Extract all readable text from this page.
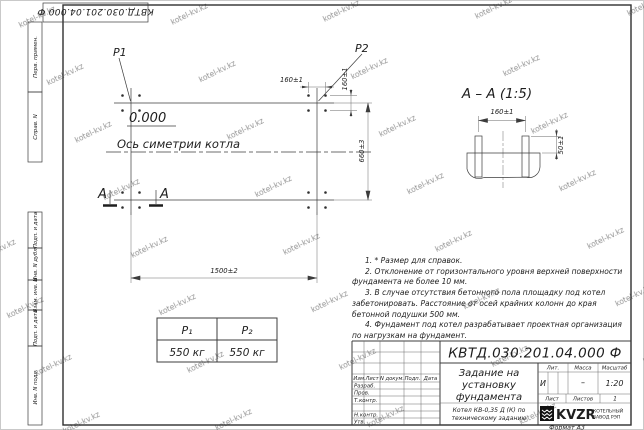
Перв. примен.
Справ. N
Подп. и дата
Инв. N дубл.
Взам. инв. N
Подп. и дата
Инв. N подл.
КВТД.030.201.04.000 Ф
P1	P2
160±1	160±1
660±3
1500±2
0.000
Ось симетрии котла
А	А
А – А (1:5)
160±1
50±1
P₁	P₂
550 кг 550 кг
Изм.Лист N докум. Подп. Дата
Разраб.
Пров.
Т.контр.
Н.контр.
Утв.
КВТД.030.201.04.000 Ф
Задание на
установку
фундамента
Котел КВ-0,35 Д (К) по
техническому заданию
Лит.	Масса Масштаб
И	–	1:20
Лист	Листов	1
KVZR
КОТЕЛЬНЫЙ
ЗАВОД РЭП
Формат А3

1. * Размер для справок.

2. Отклонение от горизонтального уровня верхней поверхности фундамента не более 10 мм.

3. В случае отсутствия бетонного пола площадку под котел забетонировать. Расстояние от осей крайних колонн до края бетонной подушки 500 мм.

4. Фундамент под котел разрабатывает проектная организация по нагрузкам на фундамент.
